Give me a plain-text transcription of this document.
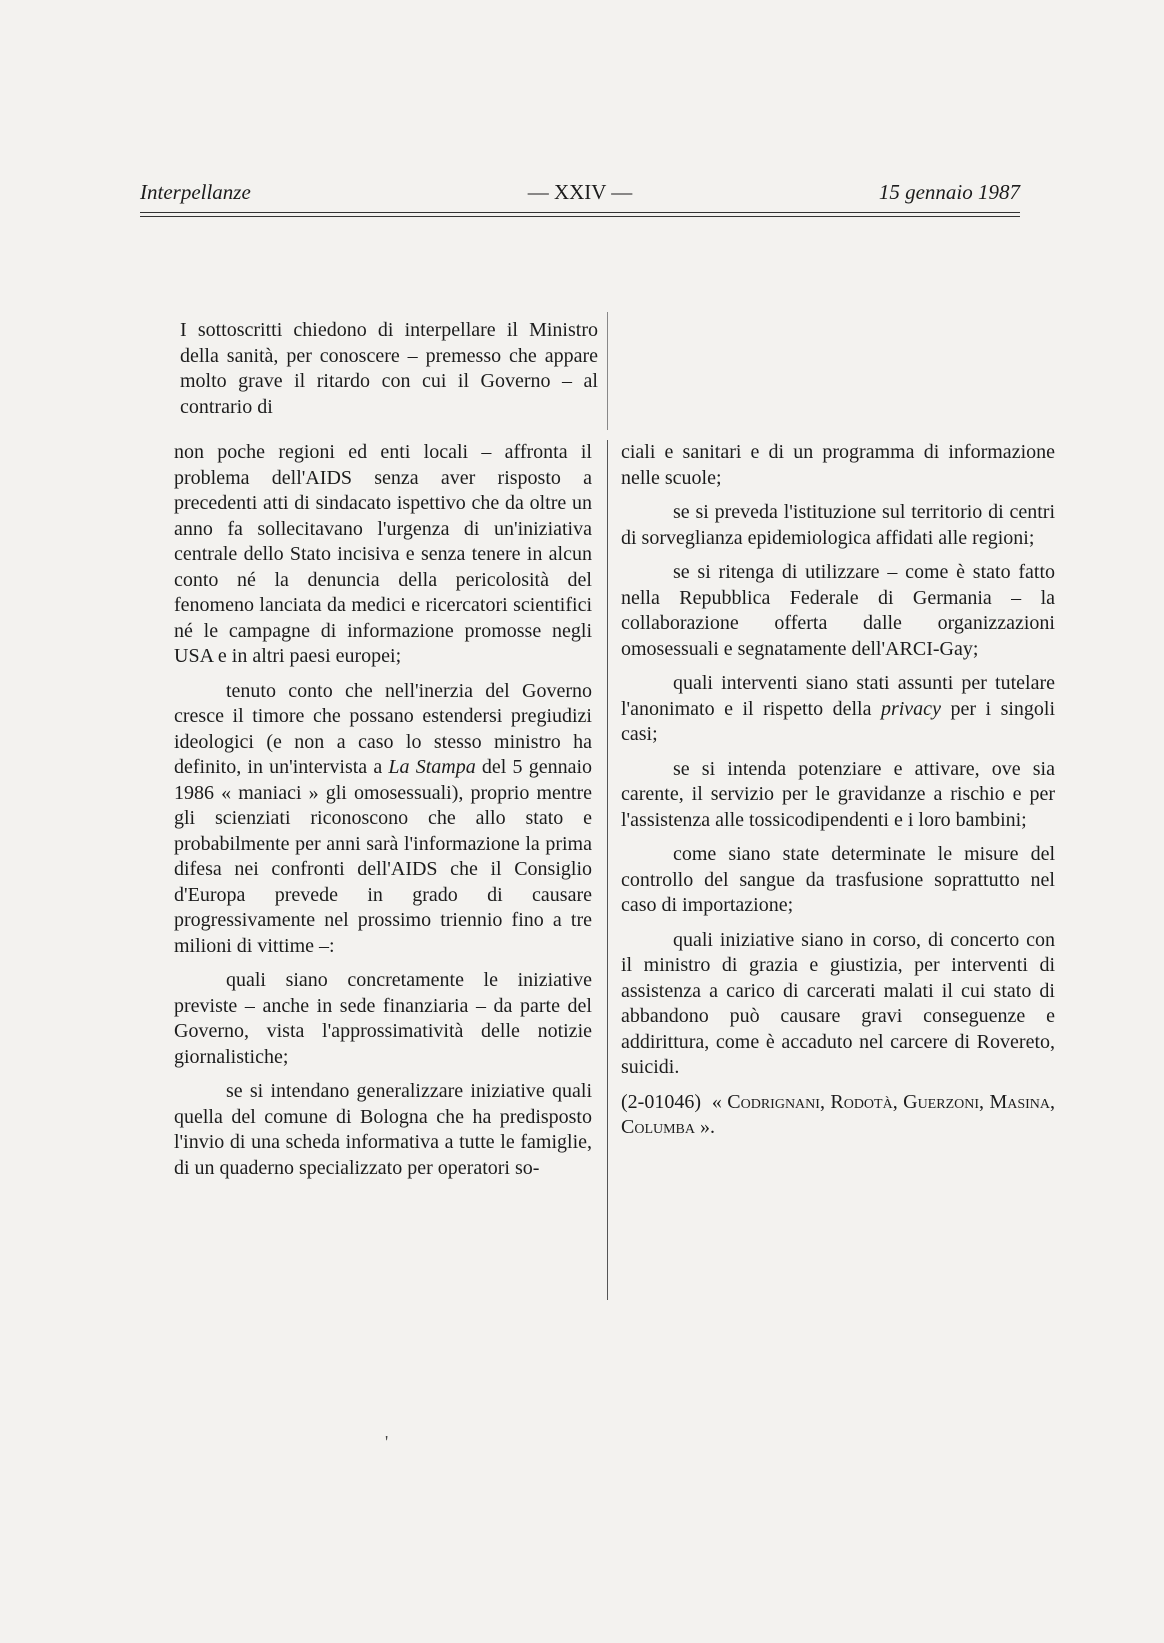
Interpellanze	— XXIV —	15 gennaio 1987

I sottoscritti chiedono di interpellare il Ministro della sanità, per conoscere – premesso che appare molto grave il ritardo con cui il Governo – al contrario di

non poche regioni ed enti locali – affronta il problema dell'AIDS senza aver risposto a precedenti atti di sindacato ispettivo che da oltre un anno fa sollecitavano l'urgenza di un'iniziativa centrale dello Stato incisiva e senza tenere in alcun conto né la denuncia della pericolosità del fenomeno lanciata da medici e ricercatori scientifici né le campagne di informazione promosse negli USA e in altri paesi europei;

tenuto conto che nell'inerzia del Governo cresce il timore che possano estendersi pregiudizi ideologici (e non a caso lo stesso ministro ha definito, in un'intervista a La Stampa del 5 gennaio 1986 « maniaci » gli omosessuali), proprio mentre gli scienziati riconoscono che allo stato e probabilmente per anni sarà l'informazione la prima difesa nei confronti dell'AIDS che il Consiglio d'Europa prevede in grado di causare progressivamente nel prossimo triennio fino a tre milioni di vittime –:

quali siano concretamente le iniziative previste – anche in sede finanziaria – da parte del Governo, vista l'approssimatività delle notizie giornalistiche;

se si intendano generalizzare iniziative quali quella del comune di Bologna che ha predisposto l'invio di una scheda informativa a tutte le famiglie, di un quaderno specializzato per operatori so-

ciali e sanitari e di un programma di informazione nelle scuole;

se si preveda l'istituzione sul territorio di centri di sorveglianza epidemiologica affidati alle regioni;

se si ritenga di utilizzare – come è stato fatto nella Repubblica Federale di Germania – la collaborazione offerta dalle organizzazioni omosessuali e segnatamente dell'ARCI-Gay;

quali interventi siano stati assunti per tutelare l'anonimato e il rispetto della privacy per i singoli casi;

se si intenda potenziare e attivare, ove sia carente, il servizio per le gravidanze a rischio e per l'assistenza alle tossicodipendenti e i loro bambini;

come siano state determinate le misure del controllo del sangue da trasfusione soprattutto nel caso di importazione;

quali iniziative siano in corso, di concerto con il ministro di grazia e giustizia, per interventi di assistenza a carico di carcerati malati il cui stato di abbandono può causare gravi conseguenze e addirittura, come è accaduto nel carcere di Rovereto, suicidi.

(2-01046) « Codrignani, Rodotà, Guerzoni, Masina, Columba ».

'
